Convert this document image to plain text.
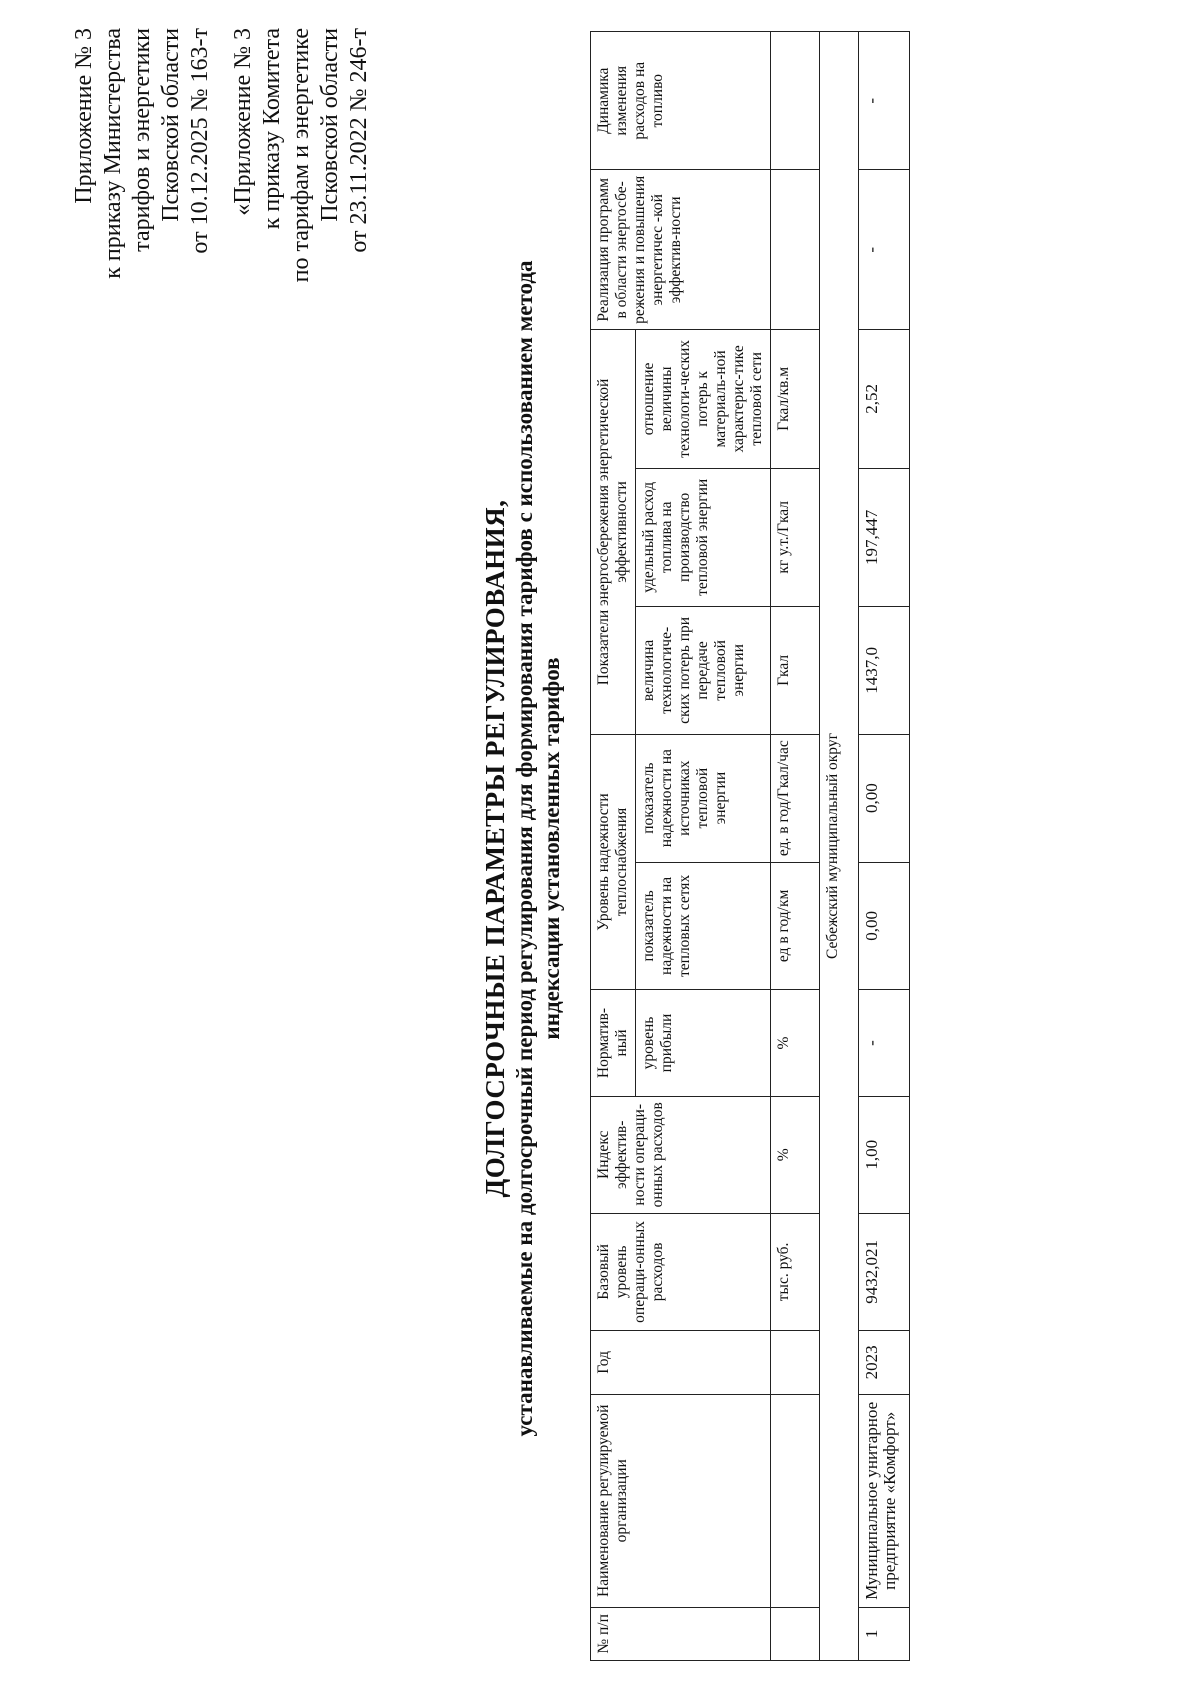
Приложение № 3 к приказу Министерства тарифов и энергетики Псковской области от 10.12.2025 № 163-т «Приложение № 3 к приказу Комитета по тарифам и энергетике Псковской области от 23.11.2022 № 246-т
ДОЛГОСРОЧНЫЕ ПАРАМЕТРЫ РЕГУЛИРОВАНИЯ, устанавливаемые на долгосрочный период регулирования для формирования тарифов с использованием метода индексации установленных тарифов
№ п/п	Наименование регулируемой организации	Год	Базовый уровень операци-онных расходов	Индекс эффектив-ности операци-онных расходов	Норматив-ный	Уровень надежности теплоснабжения		Показатели энергосбережения энергетической эффективности			Реализация программ в области энергосбе-режения и повышения энергетичес -кой эффектив-ности	Динамика изменения расходов на топливо
					уровень прибыли	показатель надежности на тепловых сетях	показатель надежности на источниках тепловой энергии	величина технологиче-ских потерь при передаче тепловой энергии	удельный расход топлива на производство тепловой энергии	отношение величины технологи-ческих потерь к материаль-ной характерис-тике тепловой сети		
			тыс. руб.	%	%	ед в год/км	ед. в год/Гкал/час	Гкал	кг у.т./Гкал	Гкал/кв.м		
Себежский муниципальный округ												
1	Муниципальное унитарное предприятие «Комфорт»	2023	9432,021	1,00	-	0,00	0,00	1437,0	197,447	2,52	-	-
